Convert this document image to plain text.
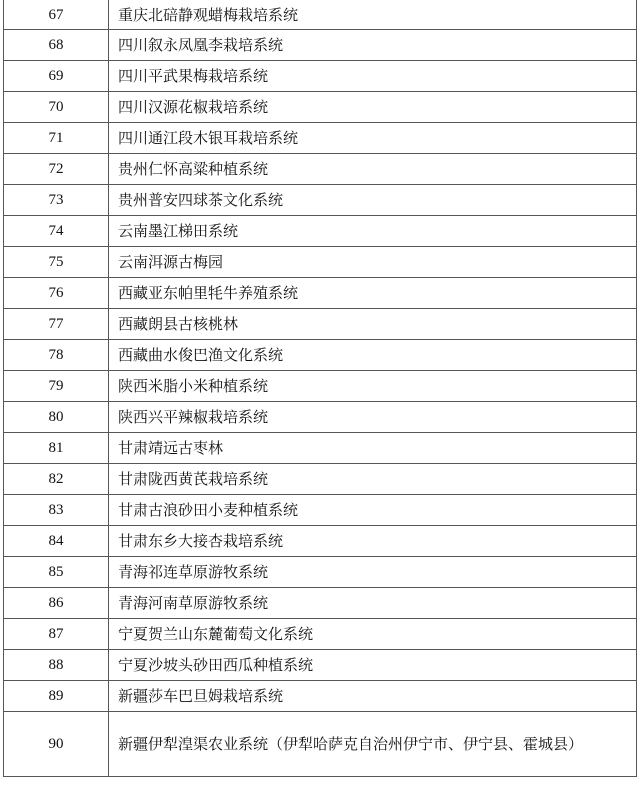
67	重庆北碚静观蜡梅栽培系统
68	四川叙永凤凰李栽培系统
69	四川平武果梅栽培系统
70	四川汉源花椒栽培系统
71	四川通江段木银耳栽培系统
72	贵州仁怀高粱种植系统
73	贵州普安四球茶文化系统
74	云南墨江梯田系统
75	云南洱源古梅园
76	西藏亚东帕里牦牛养殖系统
77	西藏朗县古核桃林
78	西藏曲水俊巴渔文化系统
79	陕西米脂小米种植系统
80	陕西兴平辣椒栽培系统
81	甘肃靖远古枣林
82	甘肃陇西黄芪栽培系统
83	甘肃古浪砂田小麦种植系统
84	甘肃东乡大接杏栽培系统
85	青海祁连草原游牧系统
86	青海河南草原游牧系统
87	宁夏贺兰山东麓葡萄文化系统
88	宁夏沙坡头砂田西瓜种植系统
89	新疆莎车巴旦姆栽培系统
90	新疆伊犁湟渠农业系统（伊犁哈萨克自治州伊宁市、伊宁县、霍城县）
